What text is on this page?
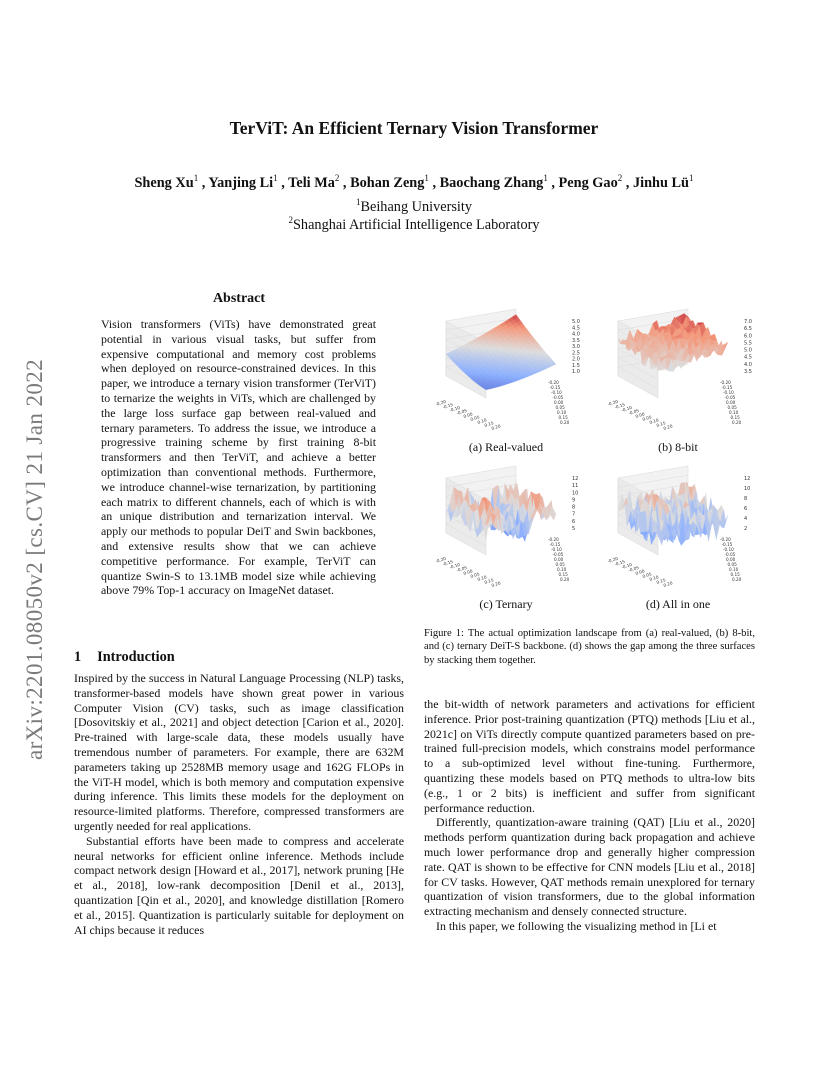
arXiv:2201.08050v2 [cs.CV] 21 Jan 2022
TerViT: An Efficient Ternary Vision Transformer
Sheng Xu$^1$ , Yanjing Li$^1$ , Teli Ma$^2$ , Bohan Zeng$^1$ , Baochang Zhang$^1$ , Peng Gao$^2$ , Jinhu $Lü^1$
$^1$Beihang University
$^2$Shanghai Artificial Intelligence Laboratory
Abstract
Vision transformers (ViTs) have demonstrated great potential in various visual tasks, but suffer from expensive computational and memory cost problems when deployed on resource-constrained devices. In this paper, we introduce a ternary vision transformer (TerViT) to ternarize the weights in ViTs, which are challenged by the large loss surface gap between real-valued and ternary parameters. To address the issue, we introduce a progressive training scheme by first training 8-bit transformers and then TerViT, and achieve a better optimization than conventional methods. Furthermore, we introduce channel-wise ternarization, by partitioning each matrix to different channels, each of which is with an unique distribution and ternarization interval. We apply our methods to popular DeiT and Swin backbones, and extensive results show that we can achieve competitive performance. For example, TerViT can quantize Swin-S to 13.1MB model size while achieving above 79% Top-1 accuracy on ImageNet dataset.
5.0
4.5
4.0
3.5
3.0
2.5
2.0
1.5
1.0
-0.20
0.20
-0.15
0.15
-0.10	0.10
-0.05
0.05
0.00
0.00
0.05
-0.05
0.10
-0.10
0.15
-0.15
0.20
-0.20
(a) Real-valued
7.0
6.5
6.0
5.5
5.0
4.5
4.0
3.5
-0.20
0.20
-0.15
0.15
-0.10	0.10
-0.05
0.05
0.00
0.00
0.05
-0.05
0.10
-0.10
0.15
-0.15
0.20
-0.20
(b) 8-bit
12
11
10
9
8
7
6
5
-0.20
0.20
-0.15
0.15
-0.10	0.10
-0.05
0.05
0.00
0.00
0.05
-0.05
0.10
-0.10
0.15
-0.15
0.20
-0.20
(c) Ternary
12
10
8
6
4
2
-0.20
0.20
-0.15
0.15
-0.10	0.10
-0.05
0.05
0.00
0.00
0.05
-0.05
0.10
-0.10
0.15
-0.15
0.20
-0.20
(d) All in one
Figure 1: The actual optimization landscape from (a) real-valued, (b) 8-bit, and (c) ternary DeiT-S backbone. (d) shows the gap among the three surfaces by stacking them together.
1 Introduction

Inspired by the success in Natural Language Processing (NLP) tasks, transformer-based models have shown great power in various Computer Vision (CV) tasks, such as image classification [Dosovitskiy et al., 2021] and object detection [Carion et al., 2020]. Pre-trained with large-scale data, these models usually have tremendous number of parameters. For example, there are 632M parameters taking up 2528MB memory usage and 162G FLOPs in the ViT-H model, which is both memory and computation expensive during inference. This limits these models for the deployment on resource-limited platforms. Therefore, compressed transformers are urgently needed for real applications.

Substantial efforts have been made to compress and accelerate neural networks for efficient online inference. Methods include compact network design [Howard et al., 2017], network pruning [He et al., 2018], low-rank decomposition [Denil et al., 2013], quantization [Qin et al., 2020], and knowledge distillation [Romero et al., 2015]. Quantization is particularly suitable for deployment on AI chips because it reduces

the bit-width of network parameters and activations for efficient inference. Prior post-training quantization (PTQ) methods [Liu et al., 2021c] on ViTs directly compute quantized parameters based on pre-trained full-precision models, which constrains model performance to a sub-optimized level without fine-tuning. Furthermore, quantizing these models based on PTQ methods to ultra-low bits (e.g., 1 or 2 bits) is inefficient and suffer from significant performance reduction.

Differently, quantization-aware training (QAT) [Liu et al., 2020] methods perform quantization during back propagation and achieve much lower performance drop and generally higher compression rate. QAT is shown to be effective for CNN models [Liu et al., 2018] for CV tasks. However, QAT methods remain unexplored for ternary quantization of vision transformers, due to the global information extracting mechanism and densely connected structure.

In this paper, we following the visualizing method in [Li et
